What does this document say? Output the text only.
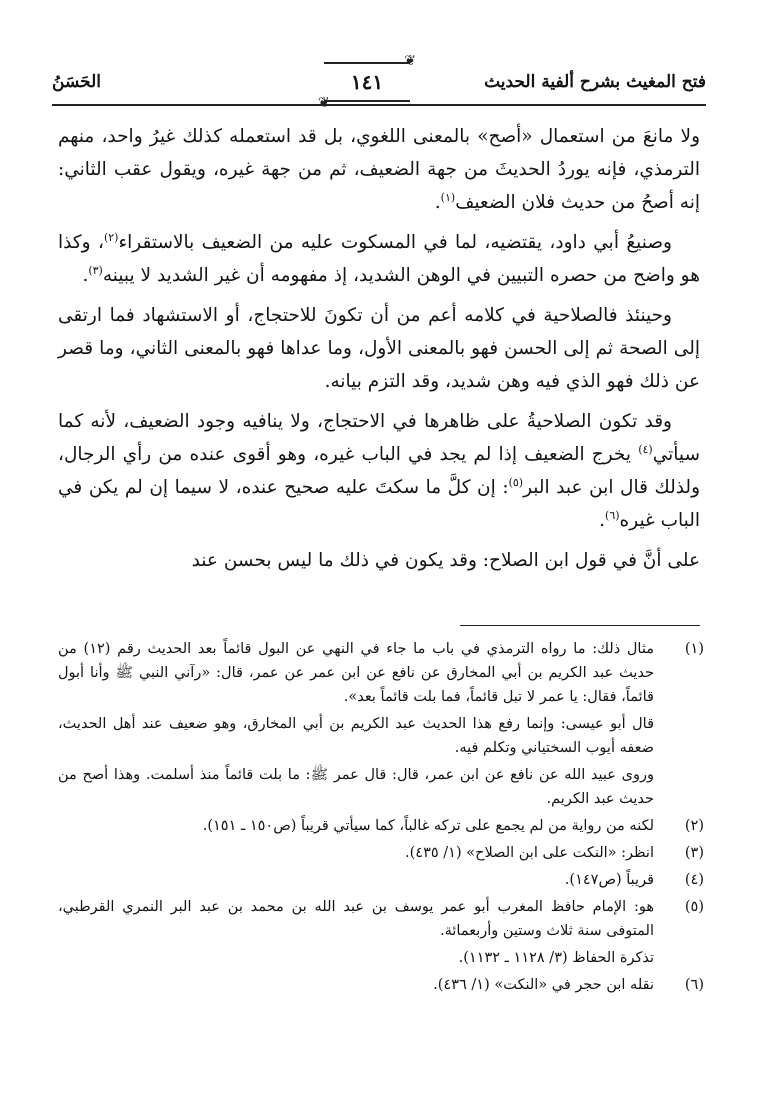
فتح المغيث بشرح ألفية الحديث
❦
١٤١
❦
الحَسَنُ

ولا مانعَ من استعمال «أصح» بالمعنى اللغوي، بل قد استعمله كذلك غيرُ واحد، منهم الترمذي، فإنه يوردُ الحديثَ من جهة الضعيف، ثم من جهة غيره، ويقول عقب الثاني: إنه أصحُ من حديث فلان الضعيف$^{(١)}$.

وصنيعُ أبي داود، يقتضيه، لما في المسكوت عليه من الضعيف بالاستقراء$^{(٢)}$، وكذا هو واضح من حصره التبيين في الوهن الشديد، إذ مفهومه أن غير الشديد لا يبينه$^{(٣)}$.

وحينئذ فالصلاحية في كلامه أعم من أن تكونَ للاحتجاج، أو الاستشهاد فما ارتقى إلى الصحة ثم إلى الحسن فهو بالمعنى الأول، وما عداها فهو بالمعنى الثاني، وما قصر عن ذلك فهو الذي فيه وهن شديد، وقد التزم بيانه.

وقد تكون الصلاحيةُ على ظاهرها في الاحتجاج، ولا ينافيه وجود الضعيف، لأنه كما سيأتي$^{(٤)}$ يخرج الضعيف إذا لم يجد في الباب غيره، وهو أقوى عنده من رأي الرجال، ولذلك قال ابن عبد البر$^{(٥)}$: إن كلَّ ما سكتَ عليه صحيح عنده، لا سيما إن لم يكن في الباب غيره$^{(٦)}$.

على أنَّ في قول ابن الصلاح: وقد يكون في ذلك ما ليس بحسن عند

(١)

مثال ذلك: ما رواه الترمذي في باب ما جاء في النهي عن البول قائماً بعد الحديث رقم (١٢) من حديث عبد الكريم بن أبي المخارق عن نافع عن ابن عمر عن عمر، قال: «رآني النبي ﷺ وأنا أبول قائماً، فقال: يا عمر لا تبل قائماً، فما بلت قائماً بعد».

قال أبو عيسى: وإنما رفع هذا الحديث عبد الكريم بن أبي المخارق، وهو ضعيف عند أهل الحديث، ضعفه أيوب السختياني وتكلم فيه.

وروى عبيد الله عن نافع عن ابن عمر، قال: قال عمر ﷺ: ما بلت قائماً منذ أسلمت. وهذا أصح من حديث عبد الكريم.

(٢)

لكنه من رواية من لم يجمع على تركه غالباً، كما سيأتي قريباً (ص١٥٠ ـ ١٥١).

(٣)

انظر: «النكت على ابن الصلاح» (١/ ٤٣٥).

(٤)

قريباً (ص١٤٧).

(٥)

هو: الإمام حافظ المغرب أبو عمر يوسف بن عبد الله بن محمد بن عبد البر النمري القرطبي، المتوفى سنة ثلاث وستين وأربعمائة.

تذكرة الحفاظ (٣/ ١١٢٨ ـ ١١٣٢).

(٦)

نقله ابن حجر في «النكت» (١/ ٤٣٦).
